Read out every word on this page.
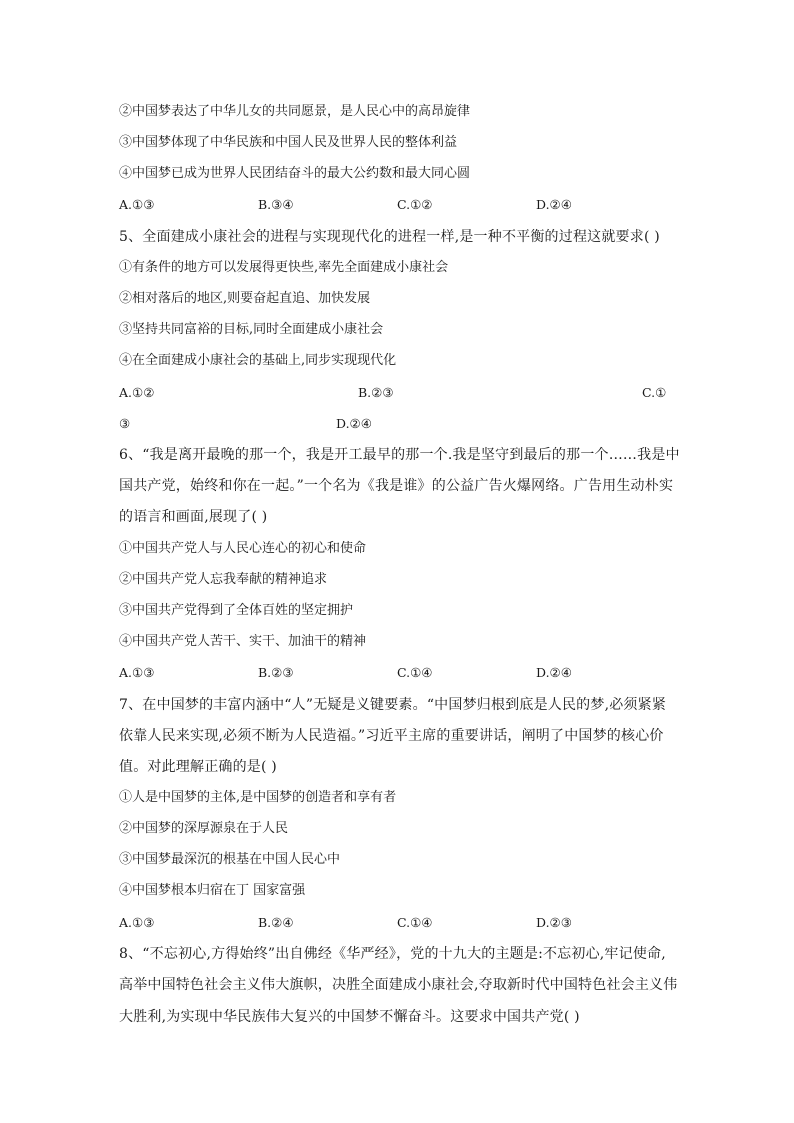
②中国梦表达了中华儿女的共同愿景，是人民心中的高昂旋律

③中国梦体现了中华民族和中国人民及世界人民的整体利益

④中国梦已成为世界人民团结奋斗的最大公约数和最大同心圆

A.①③	B.③④	C.①②	D.②④

5、全面建成小康社会的进程与实现现代化的进程一样,是一种不平衡的过程这就要求( )

①有条件的地方可以发展得更快些,率先全面建成小康社会

②相对落后的地区,则要奋起直追、加快发展

③坚持共同富裕的目标,同时全面建成小康社会

④在全面建成小康社会的基础上,同步实现现代化

A.①②	B.②③	C.①
③	D.②④

6、“我是离开最晚的那一个，我是开工最早的那一个.我是坚守到最后的那一个……我是中

国共产党，始终和你在一起。”一个名为《我是谁》的公益广告火爆网络。广告用生动朴实

的语言和画面,展现了( )

①中国共产党人与人民心连心的初心和使命

②中国共产党人忘我奉献的精神追求

③中国共产党得到了全体百姓的坚定拥护

④中国共产党人苦干、实干、加油干的精神

A.①③	B.②③	C.①④	D.②④

7、在中国梦的丰富内涵中“人”无疑是义键要素。“中国梦归根到底是人民的梦,必须紧紧

依靠人民来实现,必须不断为人民造福。”习近平主席的重要讲话，阐明了中国梦的核心价

值。对此理解正确的是( )

①人是中国梦的主体,是中国梦的创造者和享有者

②中国梦的深厚源泉在于人民

③中国梦最深沉的根基在中国人民心中

④中国梦根本归宿在丁 国家富强

A.①③	B.②④	C.①④	D.②③

8、“不忘初心,方得始终”出自佛经《华严经》，党的十九大的主题是:不忘初心,牢记使命,

高举中国特色社会主义伟大旗帜，决胜全面建成小康社会,夺取新时代中国特色社会主义伟

大胜利,为实现中华民族伟大复兴的中国梦不懈奋斗。这要求中国共产党( )
